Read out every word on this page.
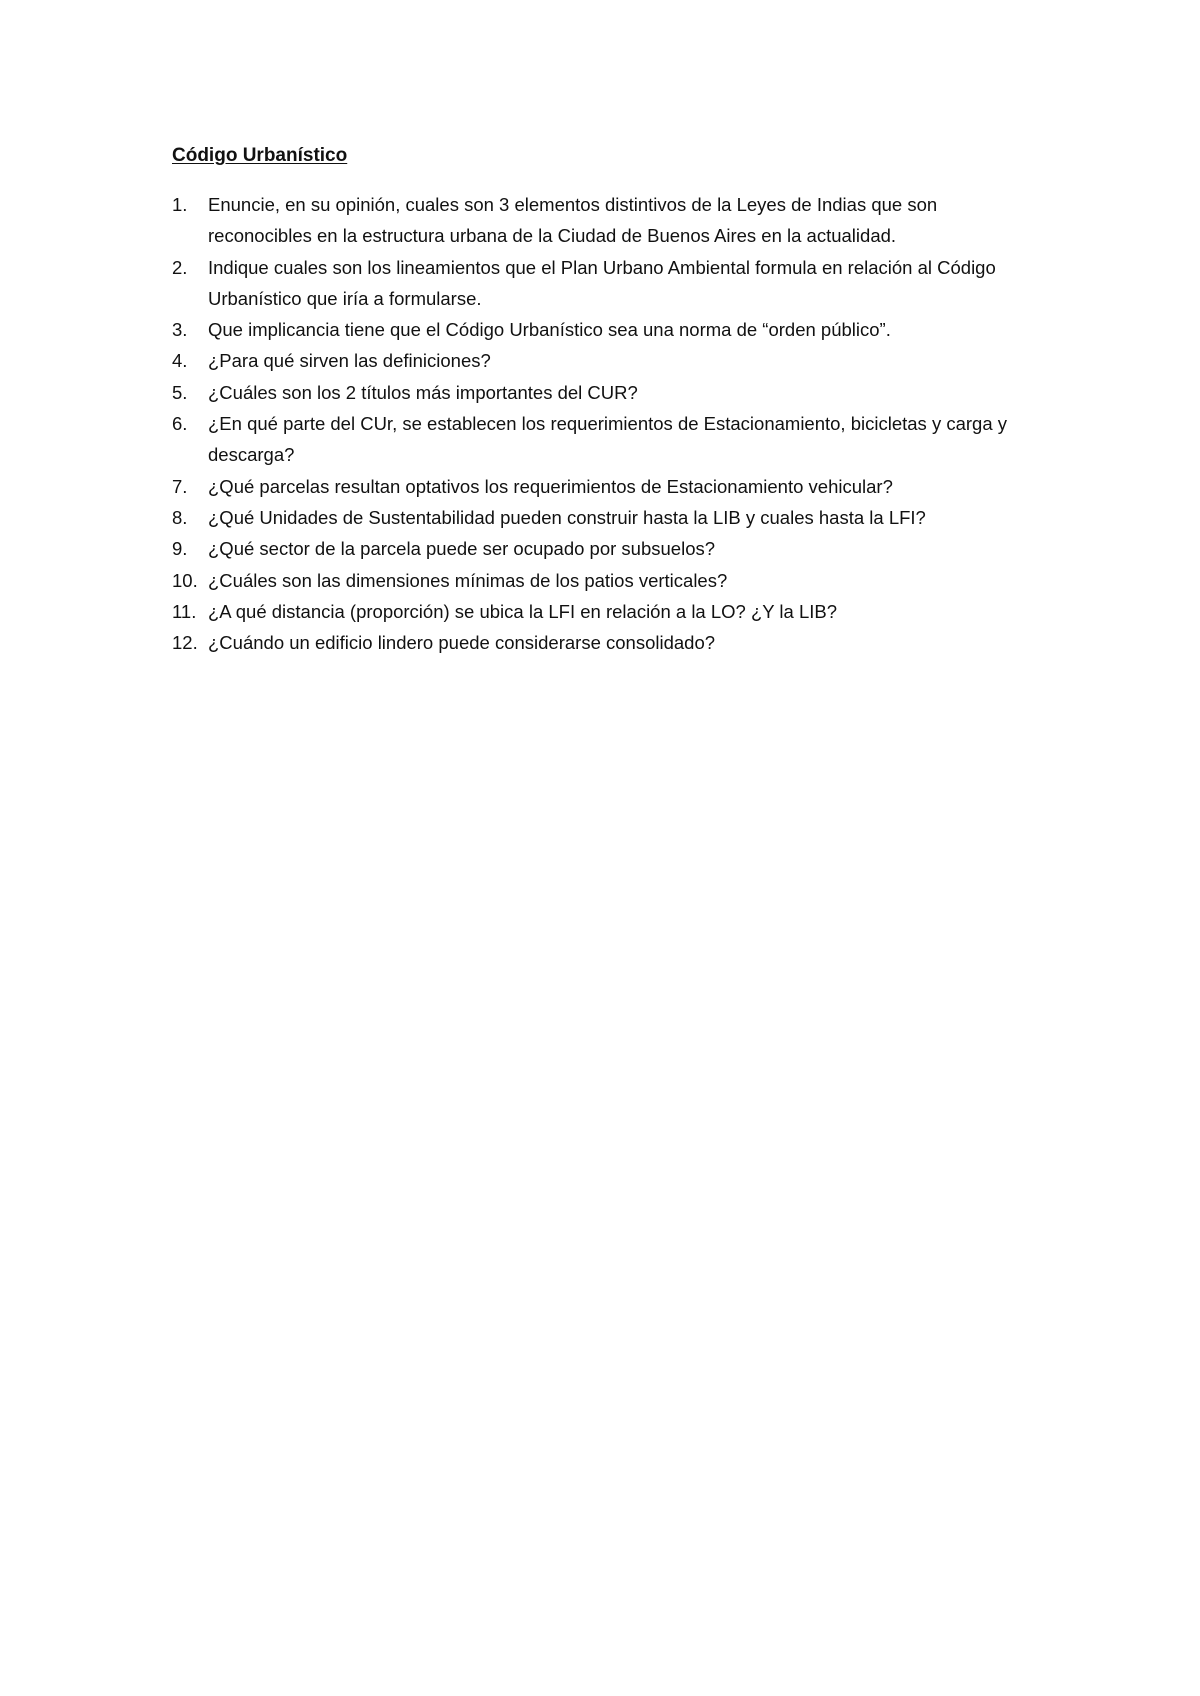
Código Urbanístico
1. Enuncie, en su opinión, cuales son 3 elementos distintivos de la Leyes de Indias que son reconocibles en la estructura urbana de la Ciudad de Buenos Aires en la actualidad.
2. Indique cuales son los lineamientos que el Plan Urbano Ambiental formula en relación al Código Urbanístico que iría a formularse.
3. Que implicancia tiene que el Código Urbanístico sea una norma de “orden público”.
4. ¿Para qué sirven las definiciones?
5. ¿Cuáles son los 2 títulos más importantes del CUR?
6. ¿En qué parte del CUr, se establecen los requerimientos de Estacionamiento, bicicletas y carga y descarga?
7. ¿Qué parcelas resultan optativos los requerimientos de Estacionamiento vehicular?
8. ¿Qué Unidades de Sustentabilidad pueden construir hasta la LIB y cuales hasta la LFI?
9. ¿Qué sector de la parcela puede ser ocupado por subsuelos?
10. ¿Cuáles son las dimensiones mínimas de los patios verticales?
11. ¿A qué distancia (proporción) se ubica la LFI en relación a la LO? ¿Y la LIB?
12. ¿Cuándo un edificio lindero puede considerarse consolidado?
